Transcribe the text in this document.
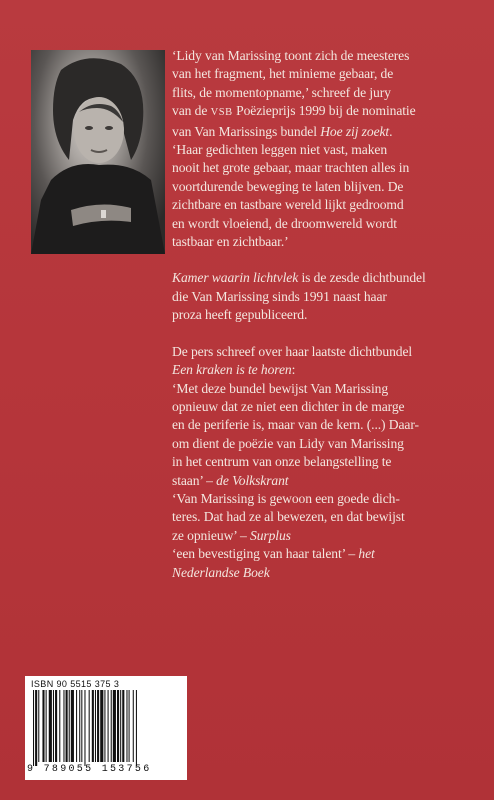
‘Lidy van Marissing toont zich de meesteres

van het fragment, het minieme gebaar, de

flits, de momentopname,’ schreef de jury

van de VSB Poëzieprijs 1999 bij de nominatie

van Van Marissings bundel Hoe zij zoekt.

‘Haar gedichten leggen niet vast, maken

nooit het grote gebaar, maar trachten alles in

voortdurende beweging te laten blijven. De

zichtbare en tastbare wereld lijkt gedroomd

en wordt vloeiend, de droomwereld wordt

tastbaar en zichtbaar.’

Kamer waarin lichtvlek is de zesde dichtbundel

die Van Marissing sinds 1991 naast haar

proza heeft gepubliceerd.

De pers schreef over haar laatste dichtbundel

Een kraken is te horen:

‘Met deze bundel bewijst Van Marissing

opnieuw dat ze niet een dichter in de marge

en de periferie is, maar van de kern. (...) Daar-

om dient de poëzie van Lidy van Marissing

in het centrum van onze belangstelling te

staan’ – de Volkskrant

‘Van Marissing is gewoon een goede dich-

teres. Dat had ze al bewezen, en dat bewijst

ze opnieuw’ – Surplus

‘een bevestiging van haar talent’ – het

Nederlandse Boek

ISBN 90 5515 375 3
9 789055 153756
